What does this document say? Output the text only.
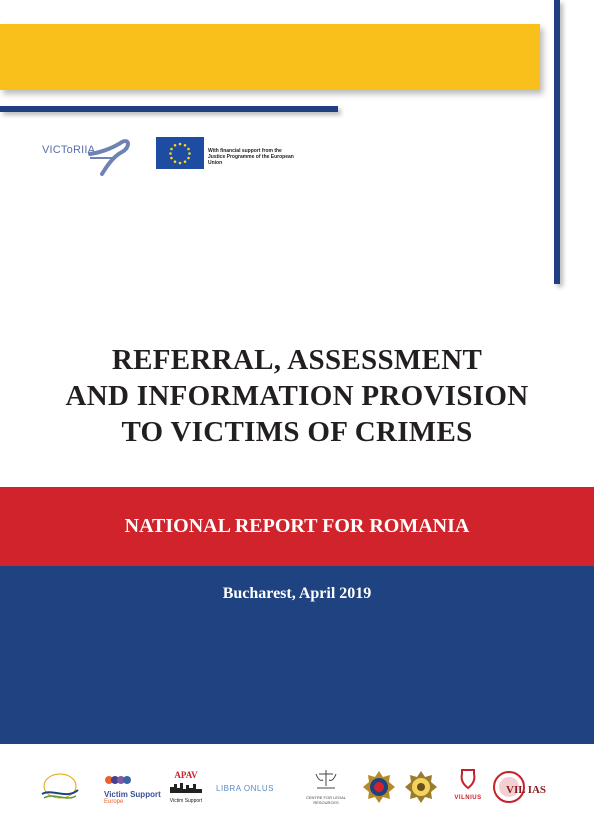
VICToRIIA	With financial support from the Justice Programme of the European Union
REFERRAL, ASSESSMENT
AND INFORMATION PROVISION
TO VICTIMS OF CRIMES
NATIONAL REPORT FOR ROMANIA
Bucharest, April 2019
Victim Support
Europe
APAV
Victim Support
LIBRA ONLUS
CENTRE FOR LEGAL RESOURCES
VILNIUS
VIL IAS
